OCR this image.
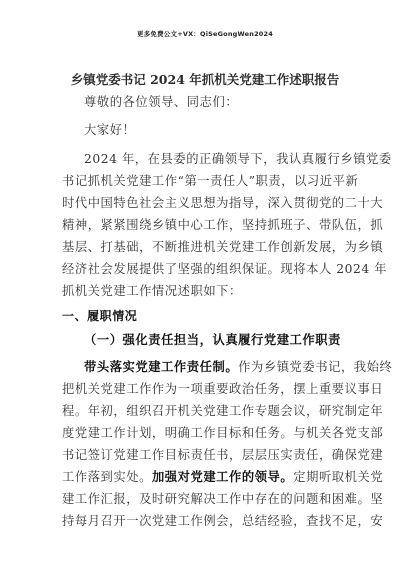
更多免费公文+VX：QiSeGongWen2024
乡镇党委书记 2024 年抓机关党建工作述职报告
尊敬的各位领导、同志们：
大家好！
2024 年，在县委的正确领导下，我认真履行乡镇党委
书记抓机关党建工作“第一责任人”职责，以习近平新
时代中国特色社会主义思想为指导，深入贯彻党的二十大
精神，紧紧围绕乡镇中心工作，坚持抓班子、带队伍，抓
基层、打基础，不断推进机关党建工作创新发展，为乡镇
经济社会发展提供了坚强的组织保证。现将本人 2024 年
抓机关党建工作情况述职如下：
一、履职情况
（一）强化责任担当，认真履行党建工作职责
带头落实党建工作责任制。作为乡镇党委书记，我始终
把机关党建工作作为一项重要政治任务，摆上重要议事日
程。年初，组织召开机关党建工作专题会议，研究制定年
度党建工作计划，明确工作目标和任务。与机关各党支部
书记签订党建工作目标责任书，层层压实责任，确保党建
工作落到实处。加强对党建工作的领导。定期听取机关党
建工作汇报，及时研究解决工作中存在的问题和困难。坚
持每月召开一次党建工作例会，总结经验，查找不足，安
